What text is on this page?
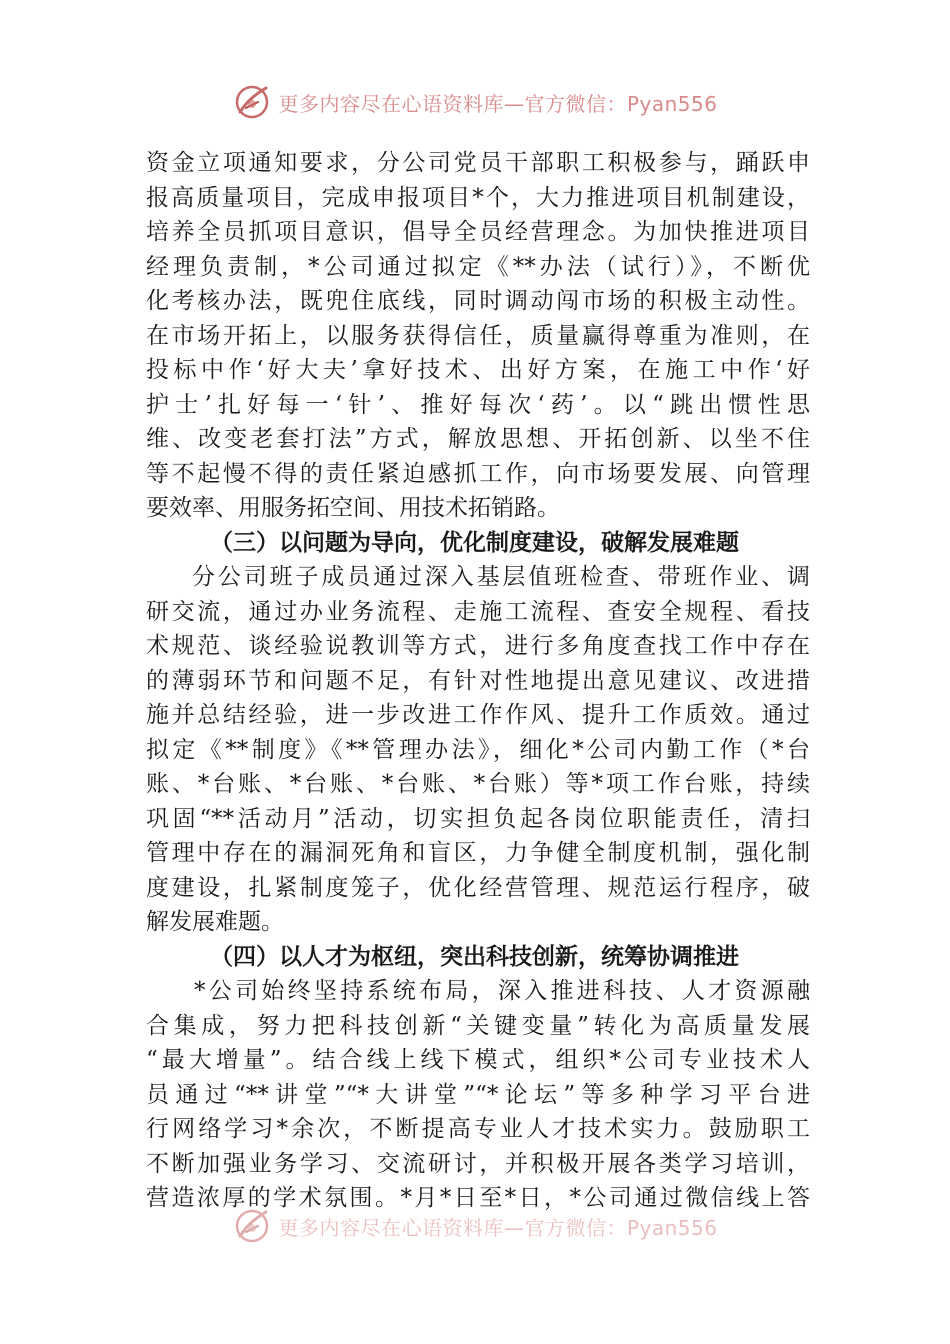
更多内容尽在心语资料库—官方微信：Pyan556
资金立项通知要求，分公司党员干部职工积极参与，踊跃申
报高质量项目，完成申报项目*个，大力推进项目机制建设，
培养全员抓项目意识，倡导全员经营理念。为加快推进项目
经理负责制，*公司通过拟定《**办法（试行）》，不断优
化考核办法，既兜住底线，同时调动闯市场的积极主动性。
在市场开拓上，以服务获得信任，质量赢得尊重为准则，在
投标中作‘好大夫’拿好技术、出好方案，在施工中作‘好
护士’扎好每一‘针’、推好每次‘药’。以“跳出惯性思
维、改变老套打法”方式，解放思想、开拓创新、以坐不住
等不起慢不得的责任紧迫感抓工作，向市场要发展、向管理
要效率、用服务拓空间、用技术拓销路。
（三）以问题为导向，优化制度建设，破解发展难题
分公司班子成员通过深入基层值班检查、带班作业、调
研交流，通过办业务流程、走施工流程、查安全规程、看技
术规范、谈经验说教训等方式，进行多角度查找工作中存在
的薄弱环节和问题不足，有针对性地提出意见建议、改进措
施并总结经验，进一步改进工作作风、提升工作质效。通过
拟定《**制度》《**管理办法》，细化*公司内勤工作（*台
账、*台账、*台账、*台账、*台账）等*项工作台账，持续
巩固“**活动月”活动，切实担负起各岗位职能责任，清扫
管理中存在的漏洞死角和盲区，力争健全制度机制，强化制
度建设，扎紧制度笼子，优化经营管理、规范运行程序，破
解发展难题。
（四）以人才为枢纽，突出科技创新，统筹协调推进
*公司始终坚持系统布局，深入推进科技、人才资源融
合集成，努力把科技创新“关键变量”转化为高质量发展
“最大增量”。结合线上线下模式，组织*公司专业技术人
员通过“**讲堂”“*大讲堂”“*论坛”等多种学习平台进
行网络学习*余次，不断提高专业人才技术实力。鼓励职工
不断加强业务学习、交流研讨，并积极开展各类学习培训，
营造浓厚的学术氛围。*月*日至*日，*公司通过微信线上答
更多内容尽在心语资料库—官方微信：Pyan556
